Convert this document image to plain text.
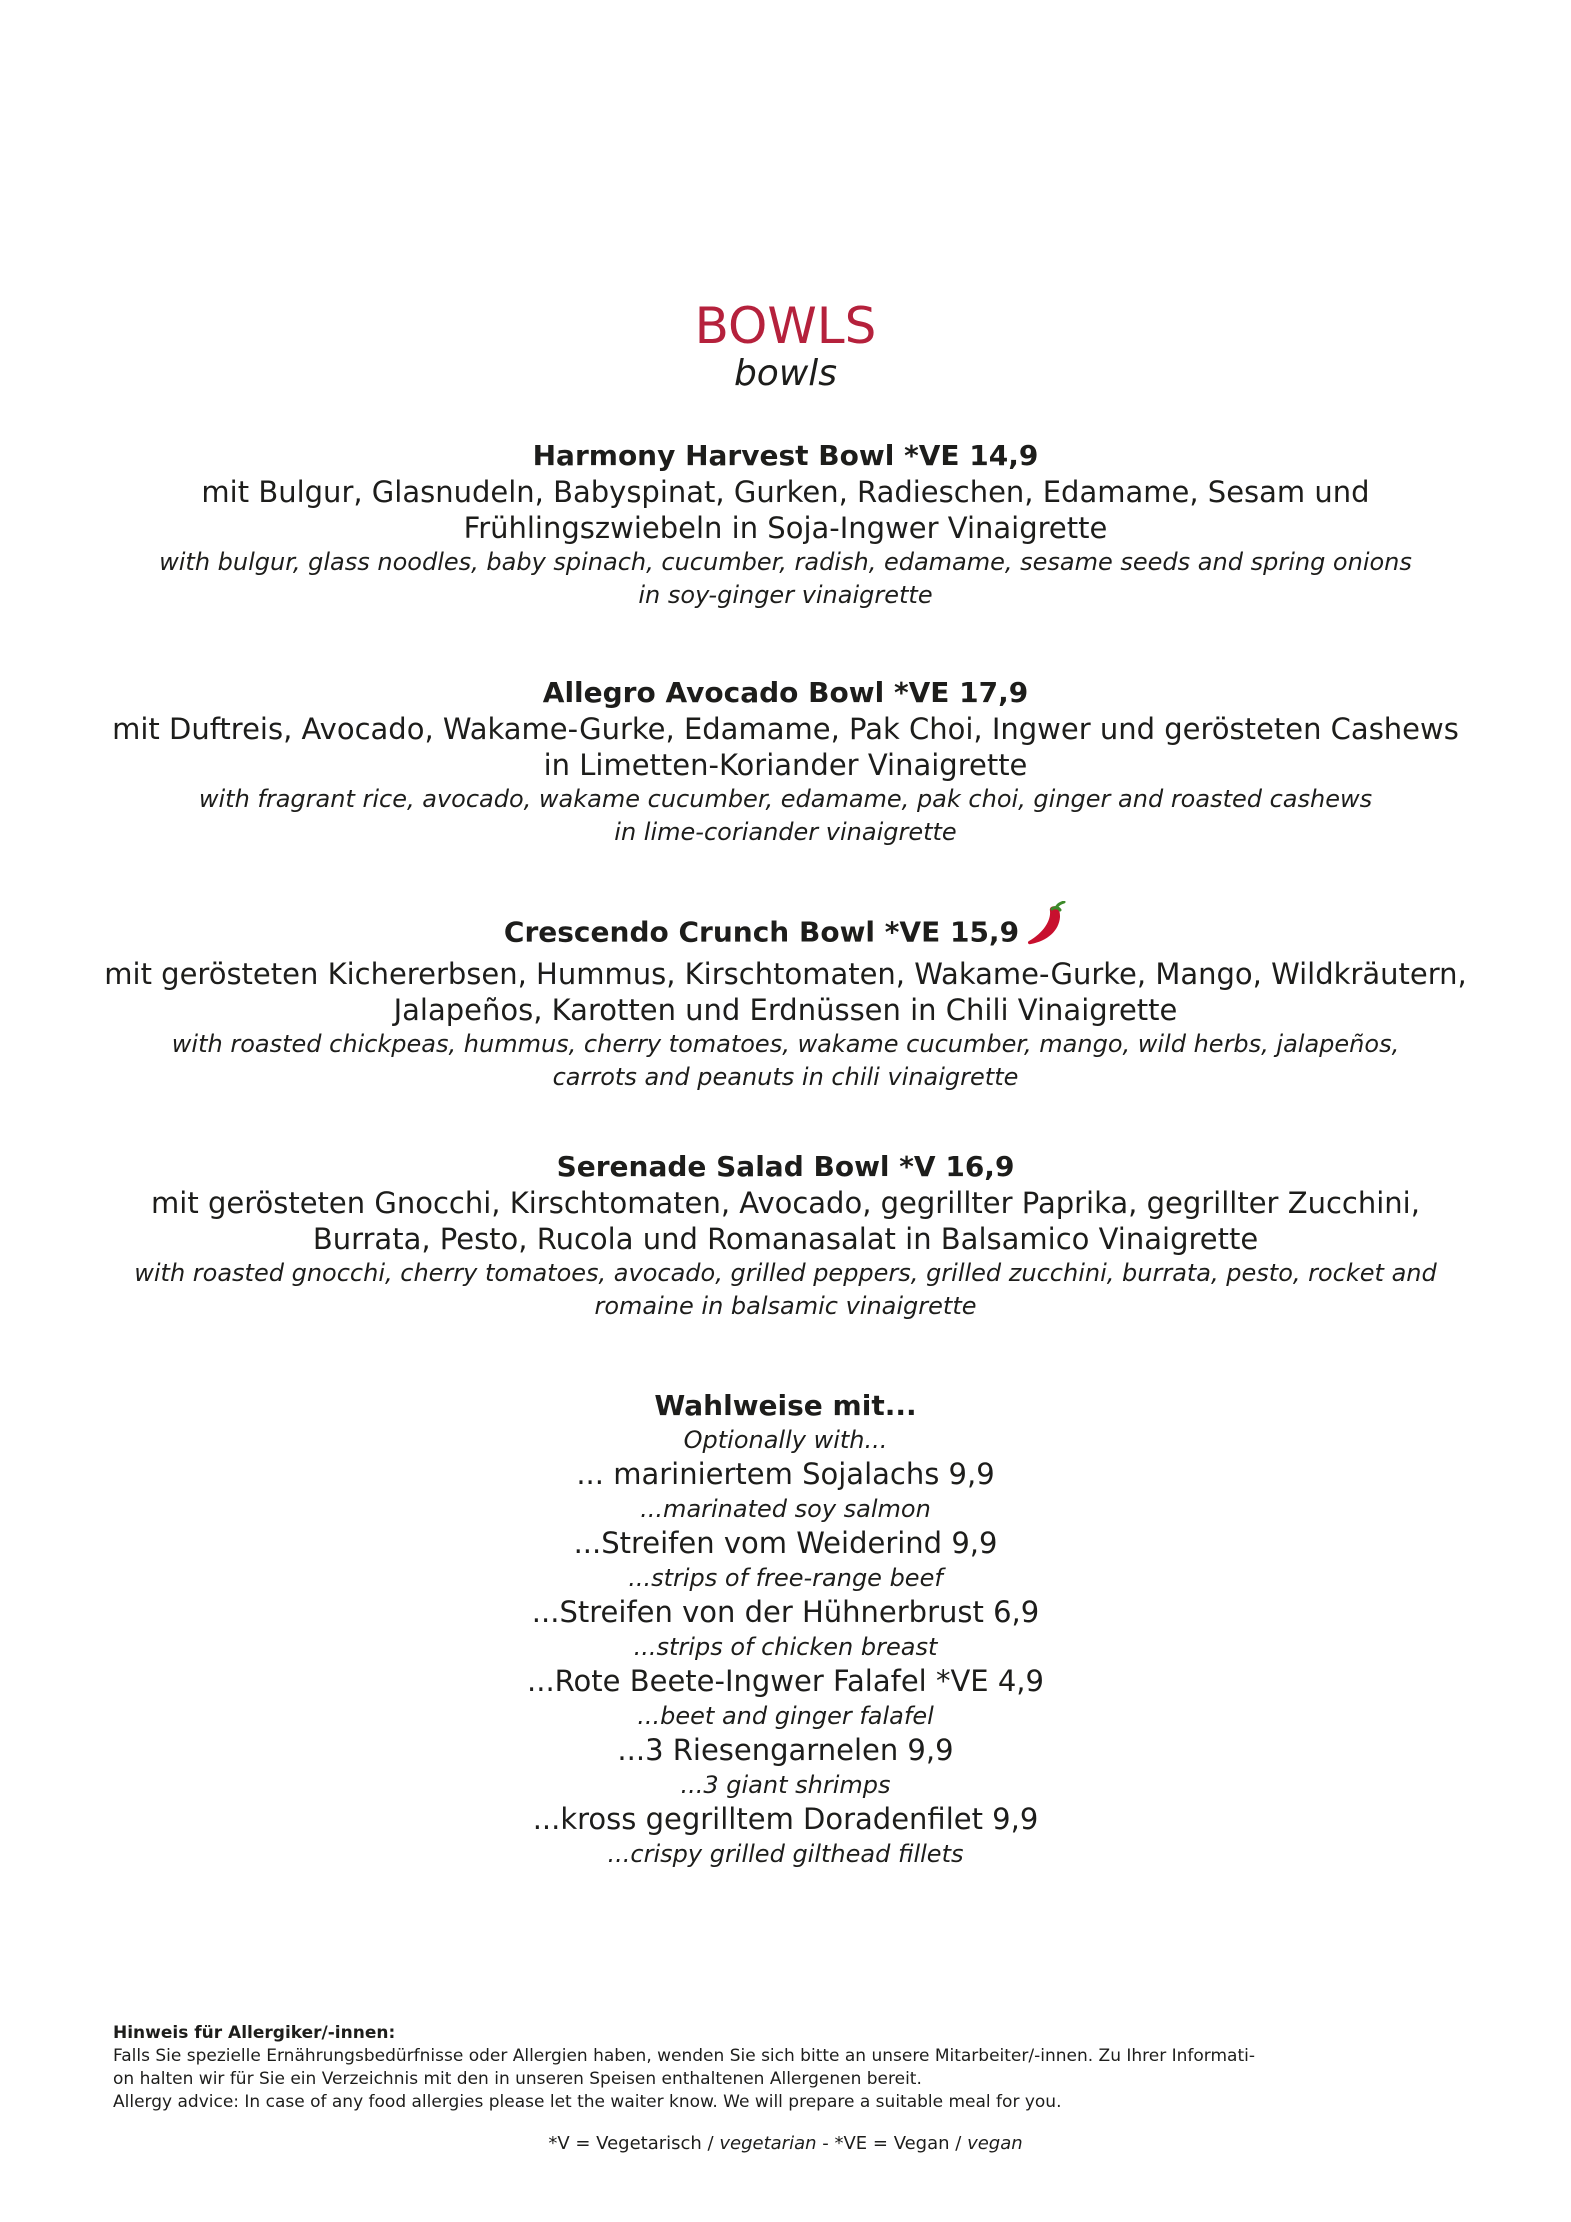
BOWLS
bowls
Harmony Harvest Bowl *VE 14,9
mit Bulgur, Glasnudeln, Babyspinat, Gurken, Radieschen, Edamame, Sesam und
Frühlingszwiebeln in Soja-Ingwer Vinaigrette
with bulgur, glass noodles, baby spinach, cucumber, radish, edamame, sesame seeds and spring onions
in soy-ginger vinaigrette
Allegro Avocado Bowl *VE 17,9
mit Duftreis, Avocado, Wakame-Gurke, Edamame, Pak Choi, Ingwer und gerösteten Cashews
in Limetten-Koriander Vinaigrette
with fragrant rice, avocado, wakame cucumber, edamame, pak choi, ginger and roasted cashews
in lime-coriander vinaigrette
Crescendo Crunch Bowl *VE 15,9
mit gerösteten Kichererbsen, Hummus, Kirschtomaten, Wakame-Gurke, Mango, Wildkräutern,
Jalapeños, Karotten und Erdnüssen in Chili Vinaigrette
with roasted chickpeas, hummus, cherry tomatoes, wakame cucumber, mango, wild herbs, jalapeños,
carrots and peanuts in chili vinaigrette
Serenade Salad Bowl *V 16,9
mit gerösteten Gnocchi, Kirschtomaten, Avocado, gegrillter Paprika, gegrillter Zucchini,
Burrata, Pesto, Rucola und Romanasalat in Balsamico Vinaigrette
with roasted gnocchi, cherry tomatoes, avocado, grilled peppers, grilled zucchini, burrata, pesto, rocket and
romaine in balsamic vinaigrette
Wahlweise mit...
Optionally with...
... mariniertem Sojalachs 9,9
...marinated soy salmon
...Streifen vom Weiderind 9,9
...strips of free-range beef
...Streifen von der Hühnerbrust 6,9
...strips of chicken breast
...Rote Beete-Ingwer Falafel *VE 4,9
...beet and ginger falafel
...3 Riesengarnelen 9,9
...3 giant shrimps
...kross gegrilltem Doradenfilet 9,9
...crispy grilled gilthead fillets
Hinweis für Allergiker/-innen:
Falls Sie spezielle Ernährungsbedürfnisse oder Allergien haben, wenden Sie sich bitte an unsere Mitarbeiter/-innen. Zu Ihrer Informati-
on halten wir für Sie ein Verzeichnis mit den in unseren Speisen enthaltenen Allergenen bereit.
Allergy advice: In case of any food allergies please let the waiter know. We will prepare a suitable meal for you.
*V = Vegetarisch / vegetarian - *VE = Vegan / vegan
